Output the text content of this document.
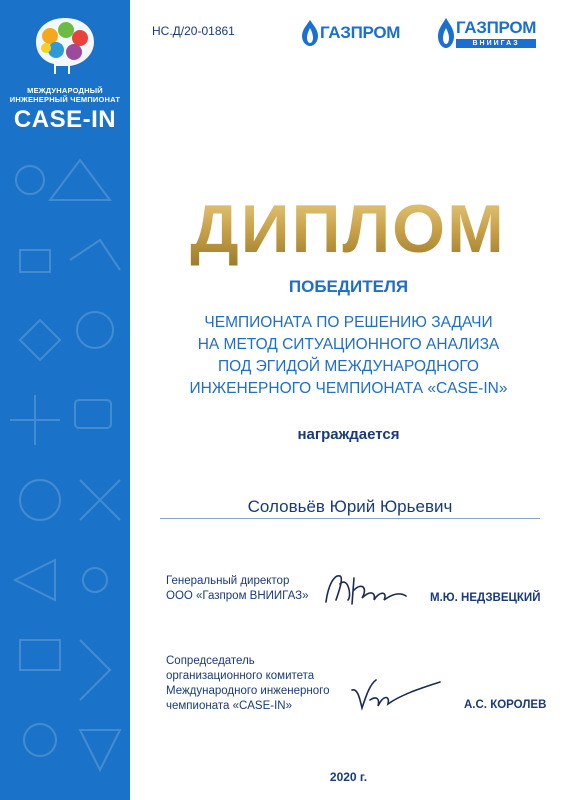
МЕЖДУНАРОДНЫЙ
ИНЖЕНЕРНЫЙ ЧЕМПИОНАТ
CASE-IN
НС.Д/20-01861	ГАЗПРОМ	ГАЗПРОМ
ВНИИГАЗ
ДИПЛОМ
ПОБЕДИТЕЛЯ
ЧЕМПИОНАТА ПО РЕШЕНИЮ ЗАДАЧИ
НА МЕТОД СИТУАЦИОННОГО АНАЛИЗА
ПОД ЭГИДОЙ МЕЖДУНАРОДНОГО
ИНЖЕНЕРНОГО ЧЕМПИОНАТА «CASE-IN»
награждается
Соловьёв Юрий Юрьевич
Генеральный директор
ООО «Газпром ВНИИГАЗ»	М.Ю. НЕДЗВЕЦКИЙ
Сопредседатель
организационного комитета
Международного инженерного
чемпионата «CASE-IN»	А.С. КОРОЛЕВ
2020 г.
